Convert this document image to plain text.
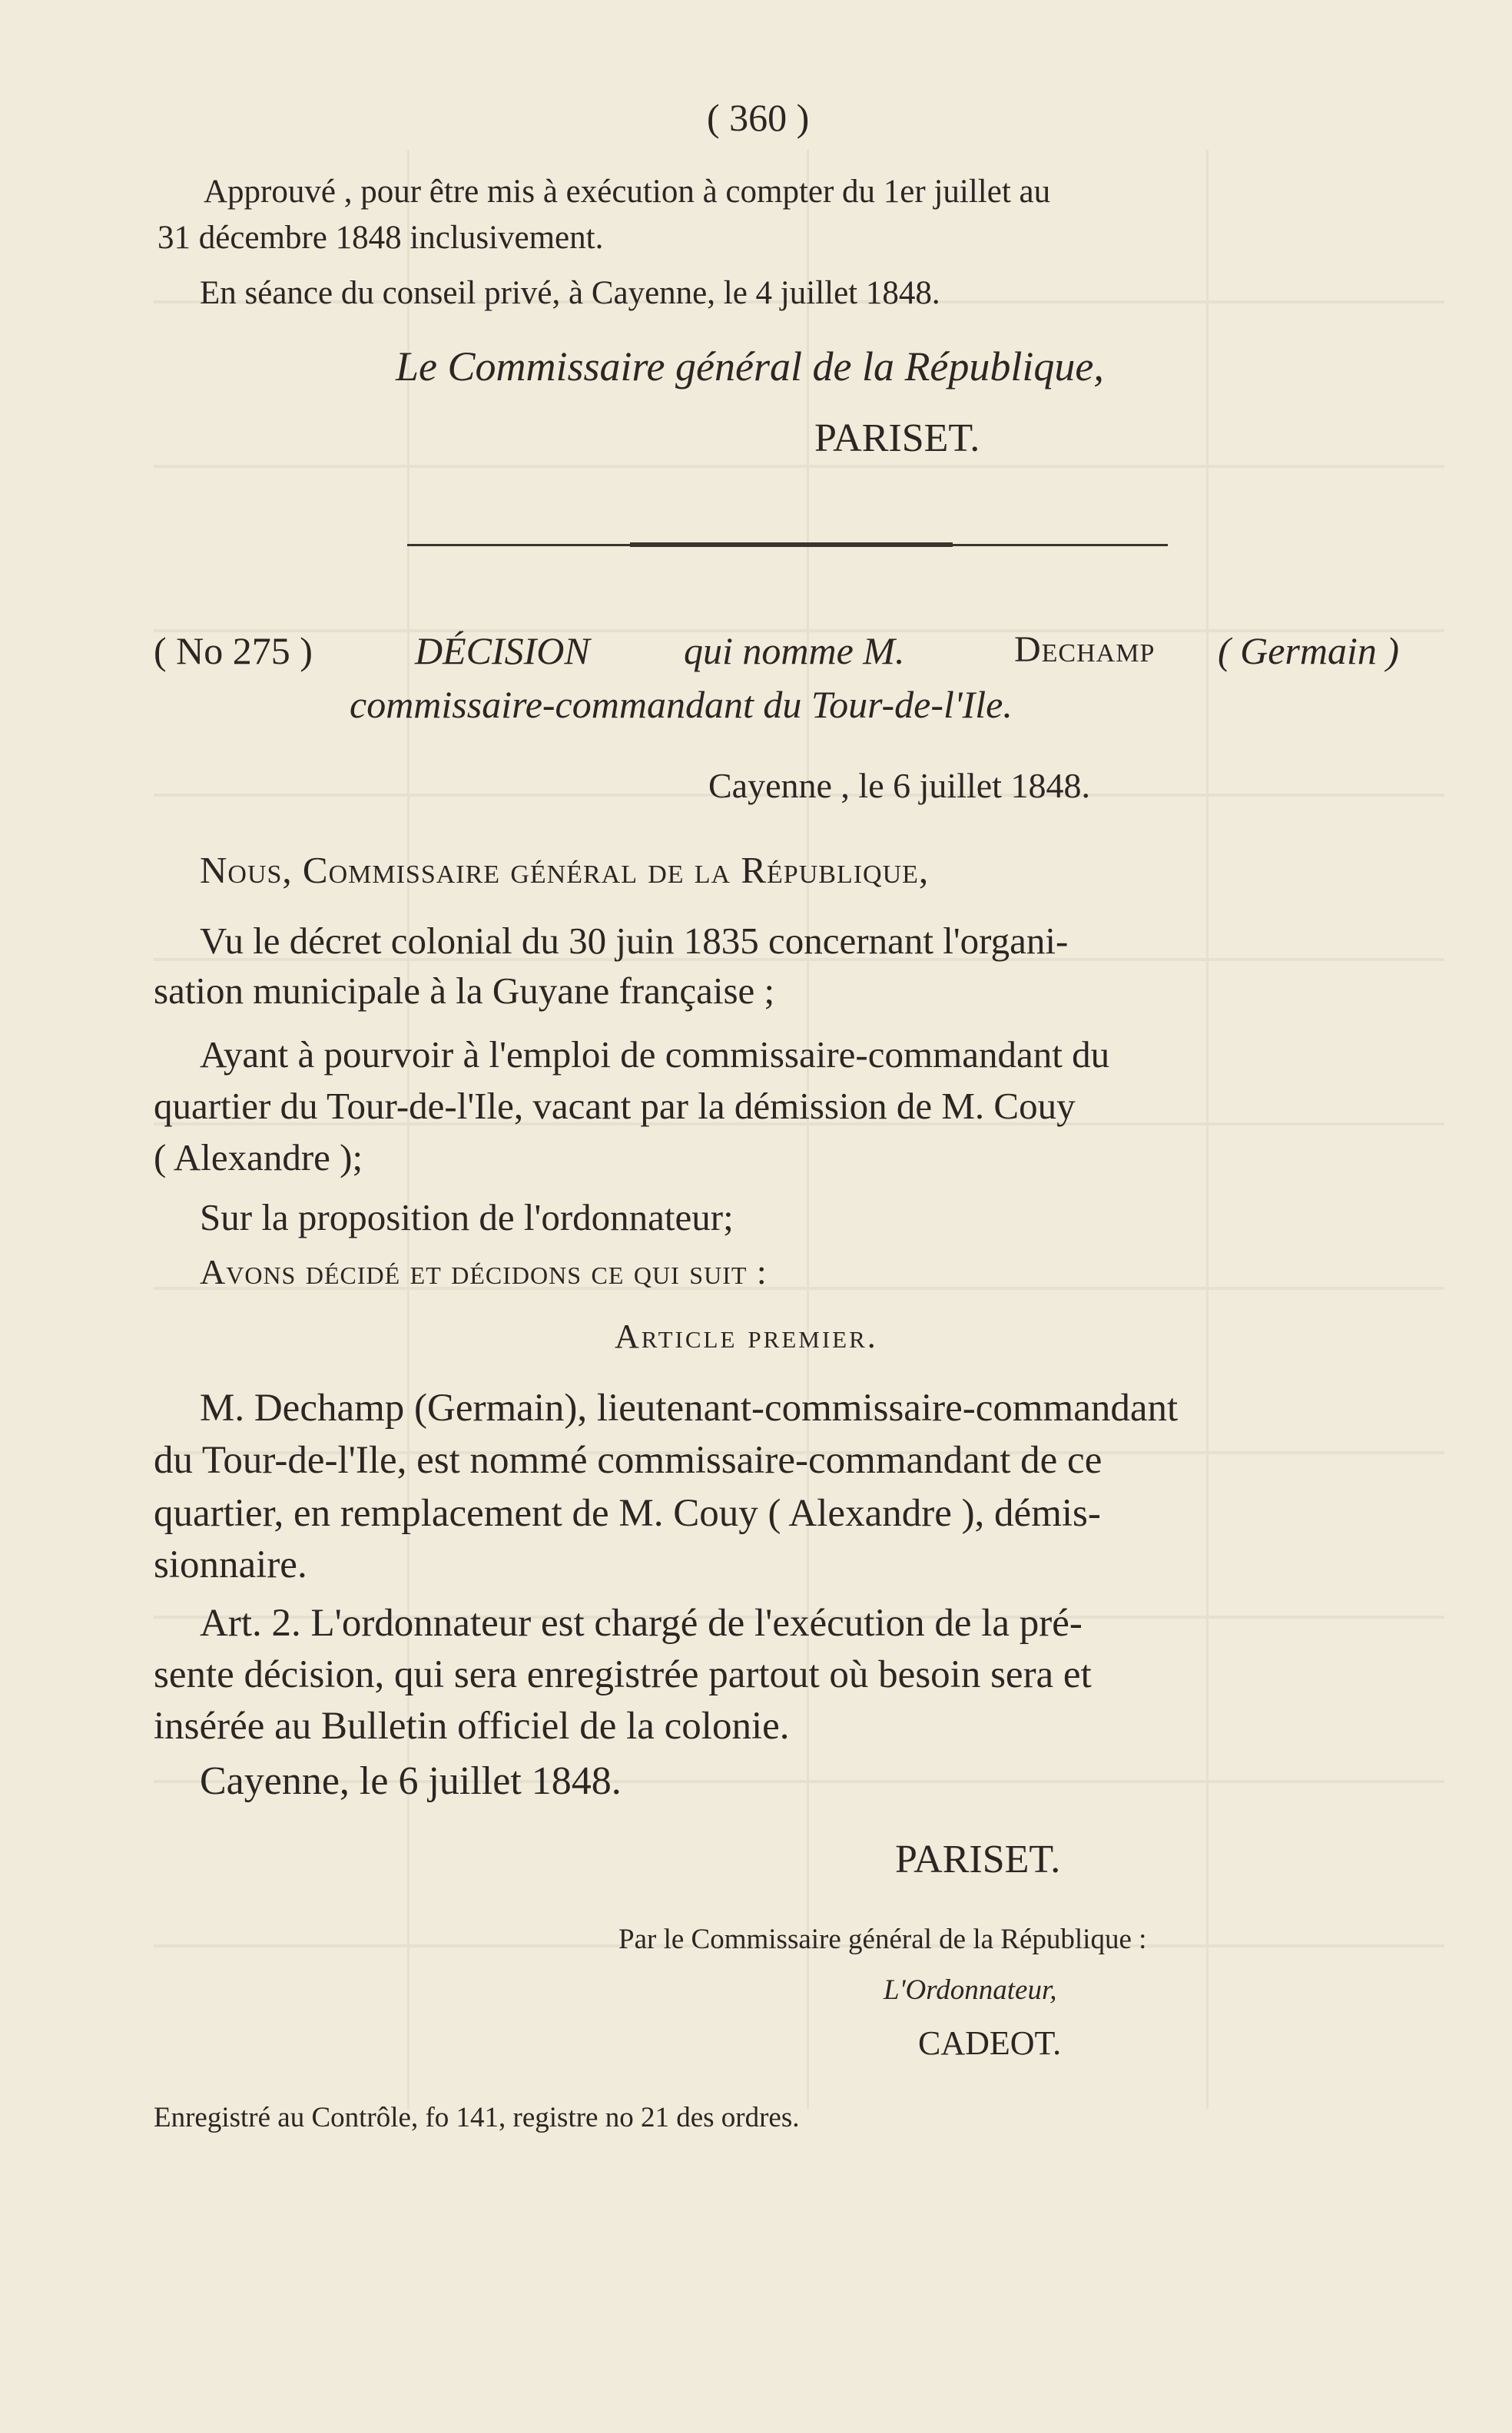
( 360 )
Approuvé , pour être mis à exécution à compter du 1er juillet au
31 décembre 1848 inclusivement.
En séance du conseil privé, à Cayenne, le 4 juillet 1848.
Le Commissaire général de la République,
PARISET.
( No 275 )	DÉCISION qui nomme M.	Dechamp ( Germain )
commissaire-commandant du Tour-de-l'Ile.
Cayenne , le 6 juillet 1848.
Nous, Commissaire général de la République,
Vu le décret colonial du 30 juin 1835 concernant l'organi-
sation municipale à la Guyane française ;
Ayant à pourvoir à l'emploi de commissaire-commandant du
quartier du Tour-de-l'Ile, vacant par la démission de M. Couy
( Alexandre );
Sur la proposition de l'ordonnateur;
Avons décidé et décidons ce qui suit :
Article premier.
M. Dechamp (Germain), lieutenant-commissaire-commandant
du Tour-de-l'Ile, est nommé commissaire-commandant de ce
quartier, en remplacement de M. Couy ( Alexandre ), démis-
sionnaire.
Art. 2. L'ordonnateur est chargé de l'exécution de la pré-
sente décision, qui sera enregistrée partout où besoin sera et
insérée au Bulletin officiel de la colonie.
Cayenne, le 6 juillet 1848.
PARISET.
Par le Commissaire général de la République :
L'Ordonnateur,
CADEOT.
Enregistré au Contrôle, fo 141, registre no 21 des ordres.
